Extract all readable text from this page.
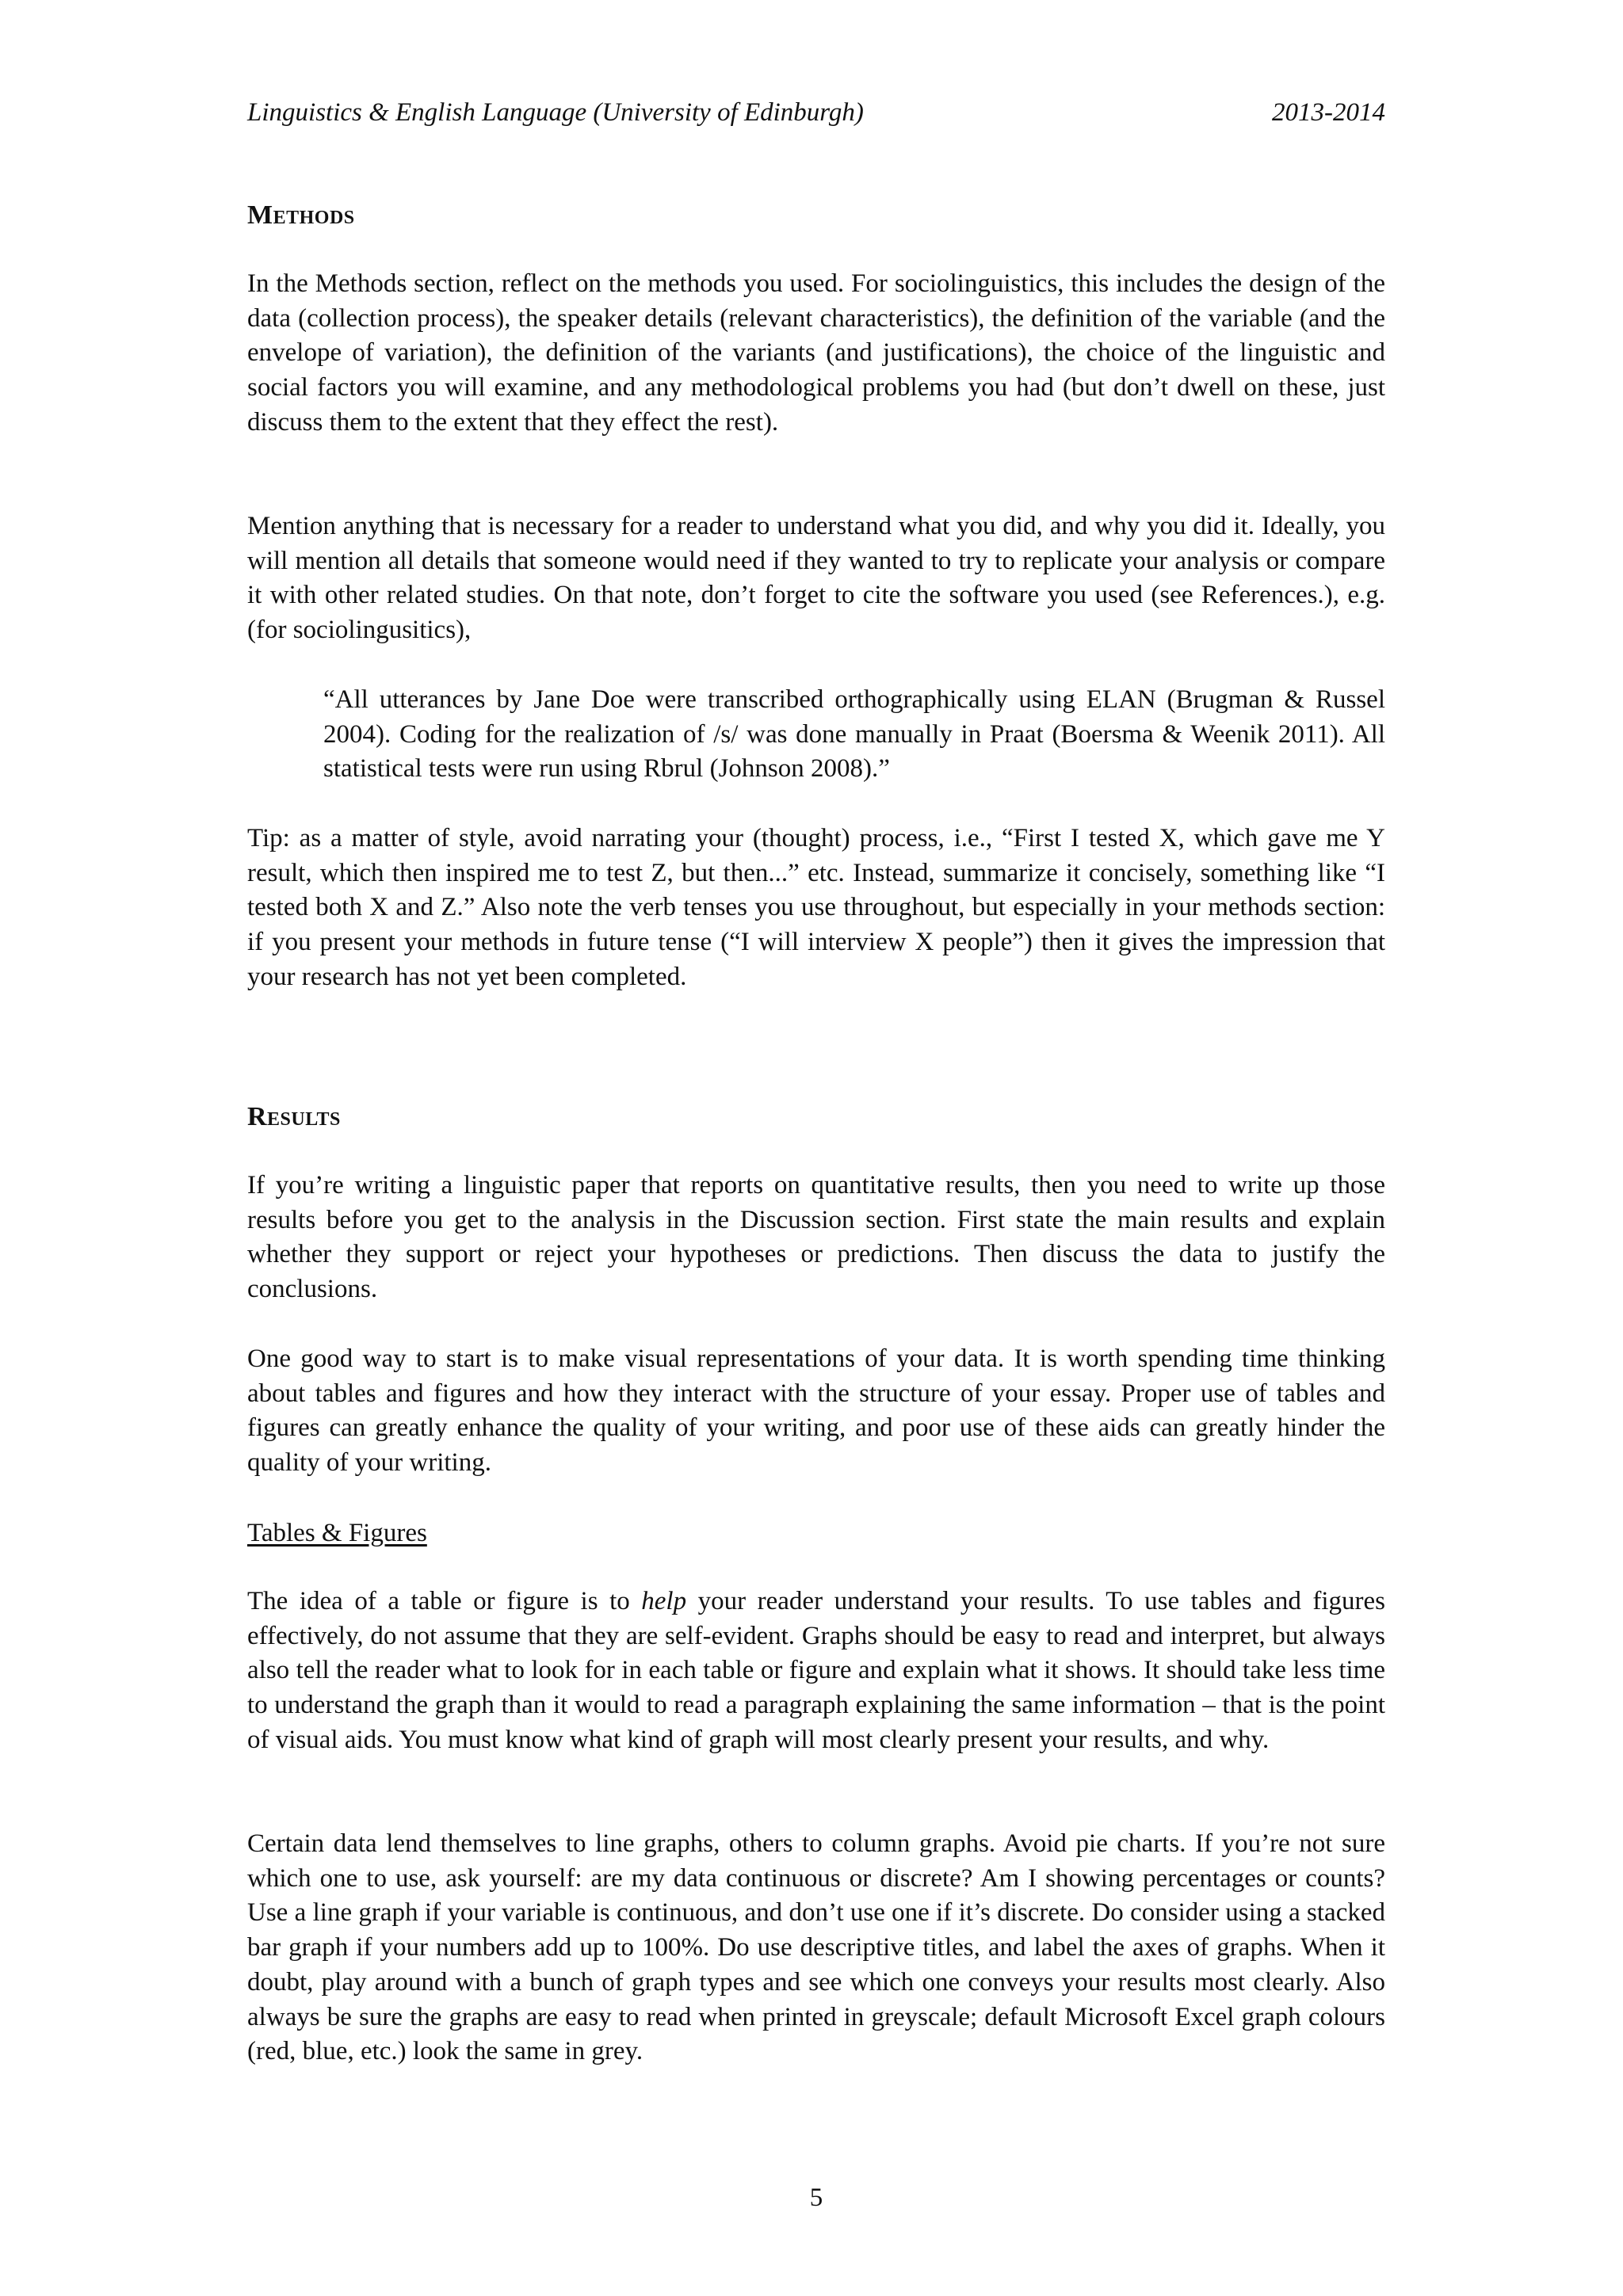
Linguistics & English Language (University of Edinburgh)	2013-2014
Methods

In the Methods section, reflect on the methods you used. For sociolinguistics, this includes the design of the data (collection process), the speaker details (relevant characteristics), the definition of the variable (and the envelope of variation), the definition of the variants (and justifications), the choice of the linguistic and social factors you will examine, and any methodological problems you had (but don’t dwell on these, just discuss them to the extent that they effect the rest).

Mention anything that is necessary for a reader to understand what you did, and why you did it. Ideally, you will mention all details that someone would need if they wanted to try to replicate your analysis or compare it with other related studies. On that note, don’t forget to cite the software you used (see References.), e.g. (for sociolingusitics),

“All utterances by Jane Doe were transcribed orthographically using ELAN (Brugman & Russel 2004). Coding for the realization of /s/ was done manually in Praat (Boersma & Weenik 2011). All statistical tests were run using Rbrul (Johnson 2008).”

Tip: as a matter of style, avoid narrating your (thought) process, i.e., “First I tested X, which gave me Y result, which then inspired me to test Z, but then...” etc. Instead, summarize it concisely, something like “I tested both X and Z.” Also note the verb tenses you use throughout, but especially in your methods section: if you present your methods in future tense (“I will interview X people”) then it gives the impression that your research has not yet been completed.

Results

If you’re writing a linguistic paper that reports on quantitative results, then you need to write up those results before you get to the analysis in the Discussion section. First state the main results and explain whether they support or reject your hypotheses or predictions. Then discuss the data to justify the conclusions.

One good way to start is to make visual representations of your data. It is worth spending time thinking about tables and figures and how they interact with the structure of your essay. Proper use of tables and figures can greatly enhance the quality of your writing, and poor use of these aids can greatly hinder the quality of your writing.

Tables & Figures

The idea of a table or figure is to help your reader understand your results. To use tables and figures effectively, do not assume that they are self-evident. Graphs should be easy to read and interpret, but always also tell the reader what to look for in each table or figure and explain what it shows. It should take less time to understand the graph than it would to read a paragraph explaining the same information – that is the point of visual aids. You must know what kind of graph will most clearly present your results, and why.

Certain data lend themselves to line graphs, others to column graphs. Avoid pie charts. If you’re not sure which one to use, ask yourself: are my data continuous or discrete? Am I showing percentages or counts? Use a line graph if your variable is continuous, and don’t use one if it’s discrete. Do consider using a stacked bar graph if your numbers add up to 100%. Do use descriptive titles, and label the axes of graphs. When it doubt, play around with a bunch of graph types and see which one conveys your results most clearly. Also always be sure the graphs are easy to read when printed in greyscale; default Microsoft Excel graph colours (red, blue, etc.) look the same in grey.

5
